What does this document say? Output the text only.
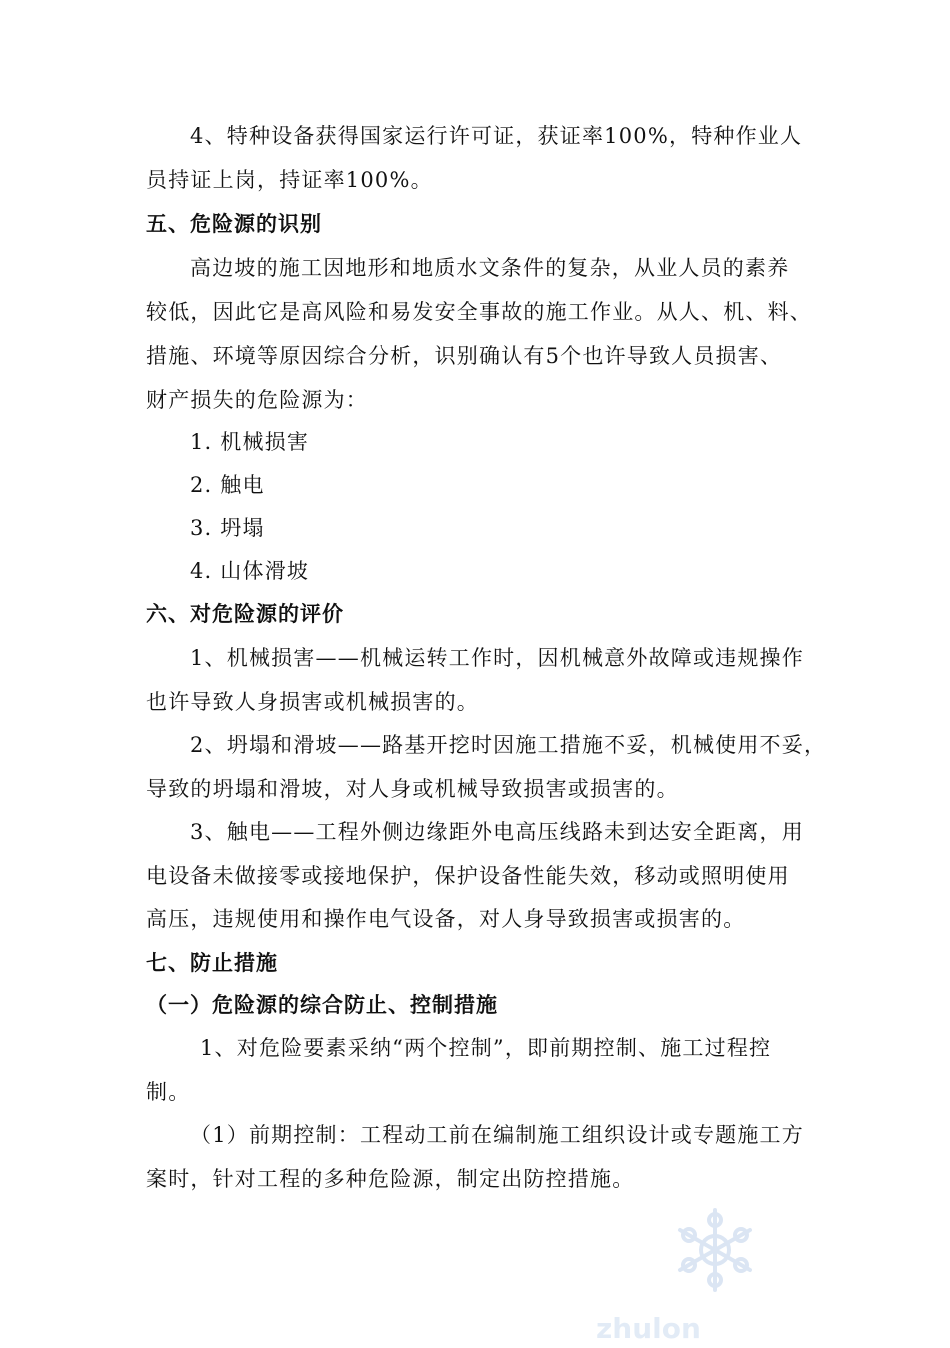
4、特种设备获得国家运行许可证，获证率100%，特种作业人
员持证上岗，持证率100%。
五、危险源的识别
高边坡的施工因地形和地质水文条件的复杂，从业人员的素养
较低，因此它是高风险和易发安全事故的施工作业。从人、机、料、
措施、环境等原因综合分析，识别确认有5个也许导致人员损害、
财产损失的危险源为：
1. 机械损害
2. 触电
3. 坍塌
4. 山体滑坡
六、对危险源的评价
1、机械损害——机械运转工作时，因机械意外故障或违规操作
也许导致人身损害或机械损害的。
2、坍塌和滑坡——路基开挖时因施工措施不妥，机械使用不妥，
导致的坍塌和滑坡，对人身或机械导致损害或损害的。
3、触电——工程外侧边缘距外电高压线路未到达安全距离，用
电设备未做接零或接地保护，保护设备性能失效，移动或照明使用
高压，违规使用和操作电气设备，对人身导致损害或损害的。
七、防止措施
（一）危险源的综合防止、控制措施
1、对危险要素采纳“两个控制”，即前期控制、施工过程控
制。
（1）前期控制：工程动工前在编制施工组织设计或专题施工方
案时，针对工程的多种危险源，制定出防控措施。
zhulon
